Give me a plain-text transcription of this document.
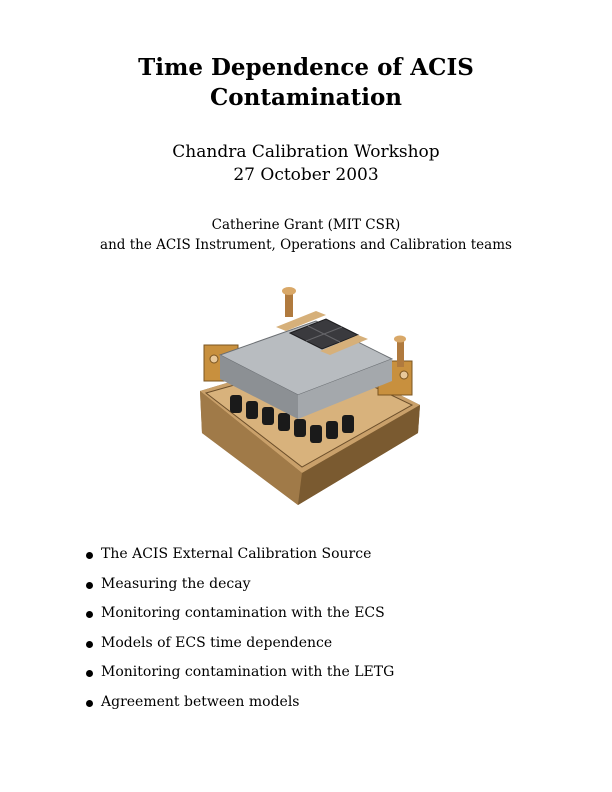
Time Dependence of ACIS
Contamination
Chandra Calibration Workshop
27 October 2003
Catherine Grant (MIT CSR)
and the ACIS Instrument, Operations and Calibration teams
The ACIS External Calibration Source
Measuring the decay
Monitoring contamination with the ECS
Models of ECS time dependence
Monitoring contamination with the LETG
Agreement between models
